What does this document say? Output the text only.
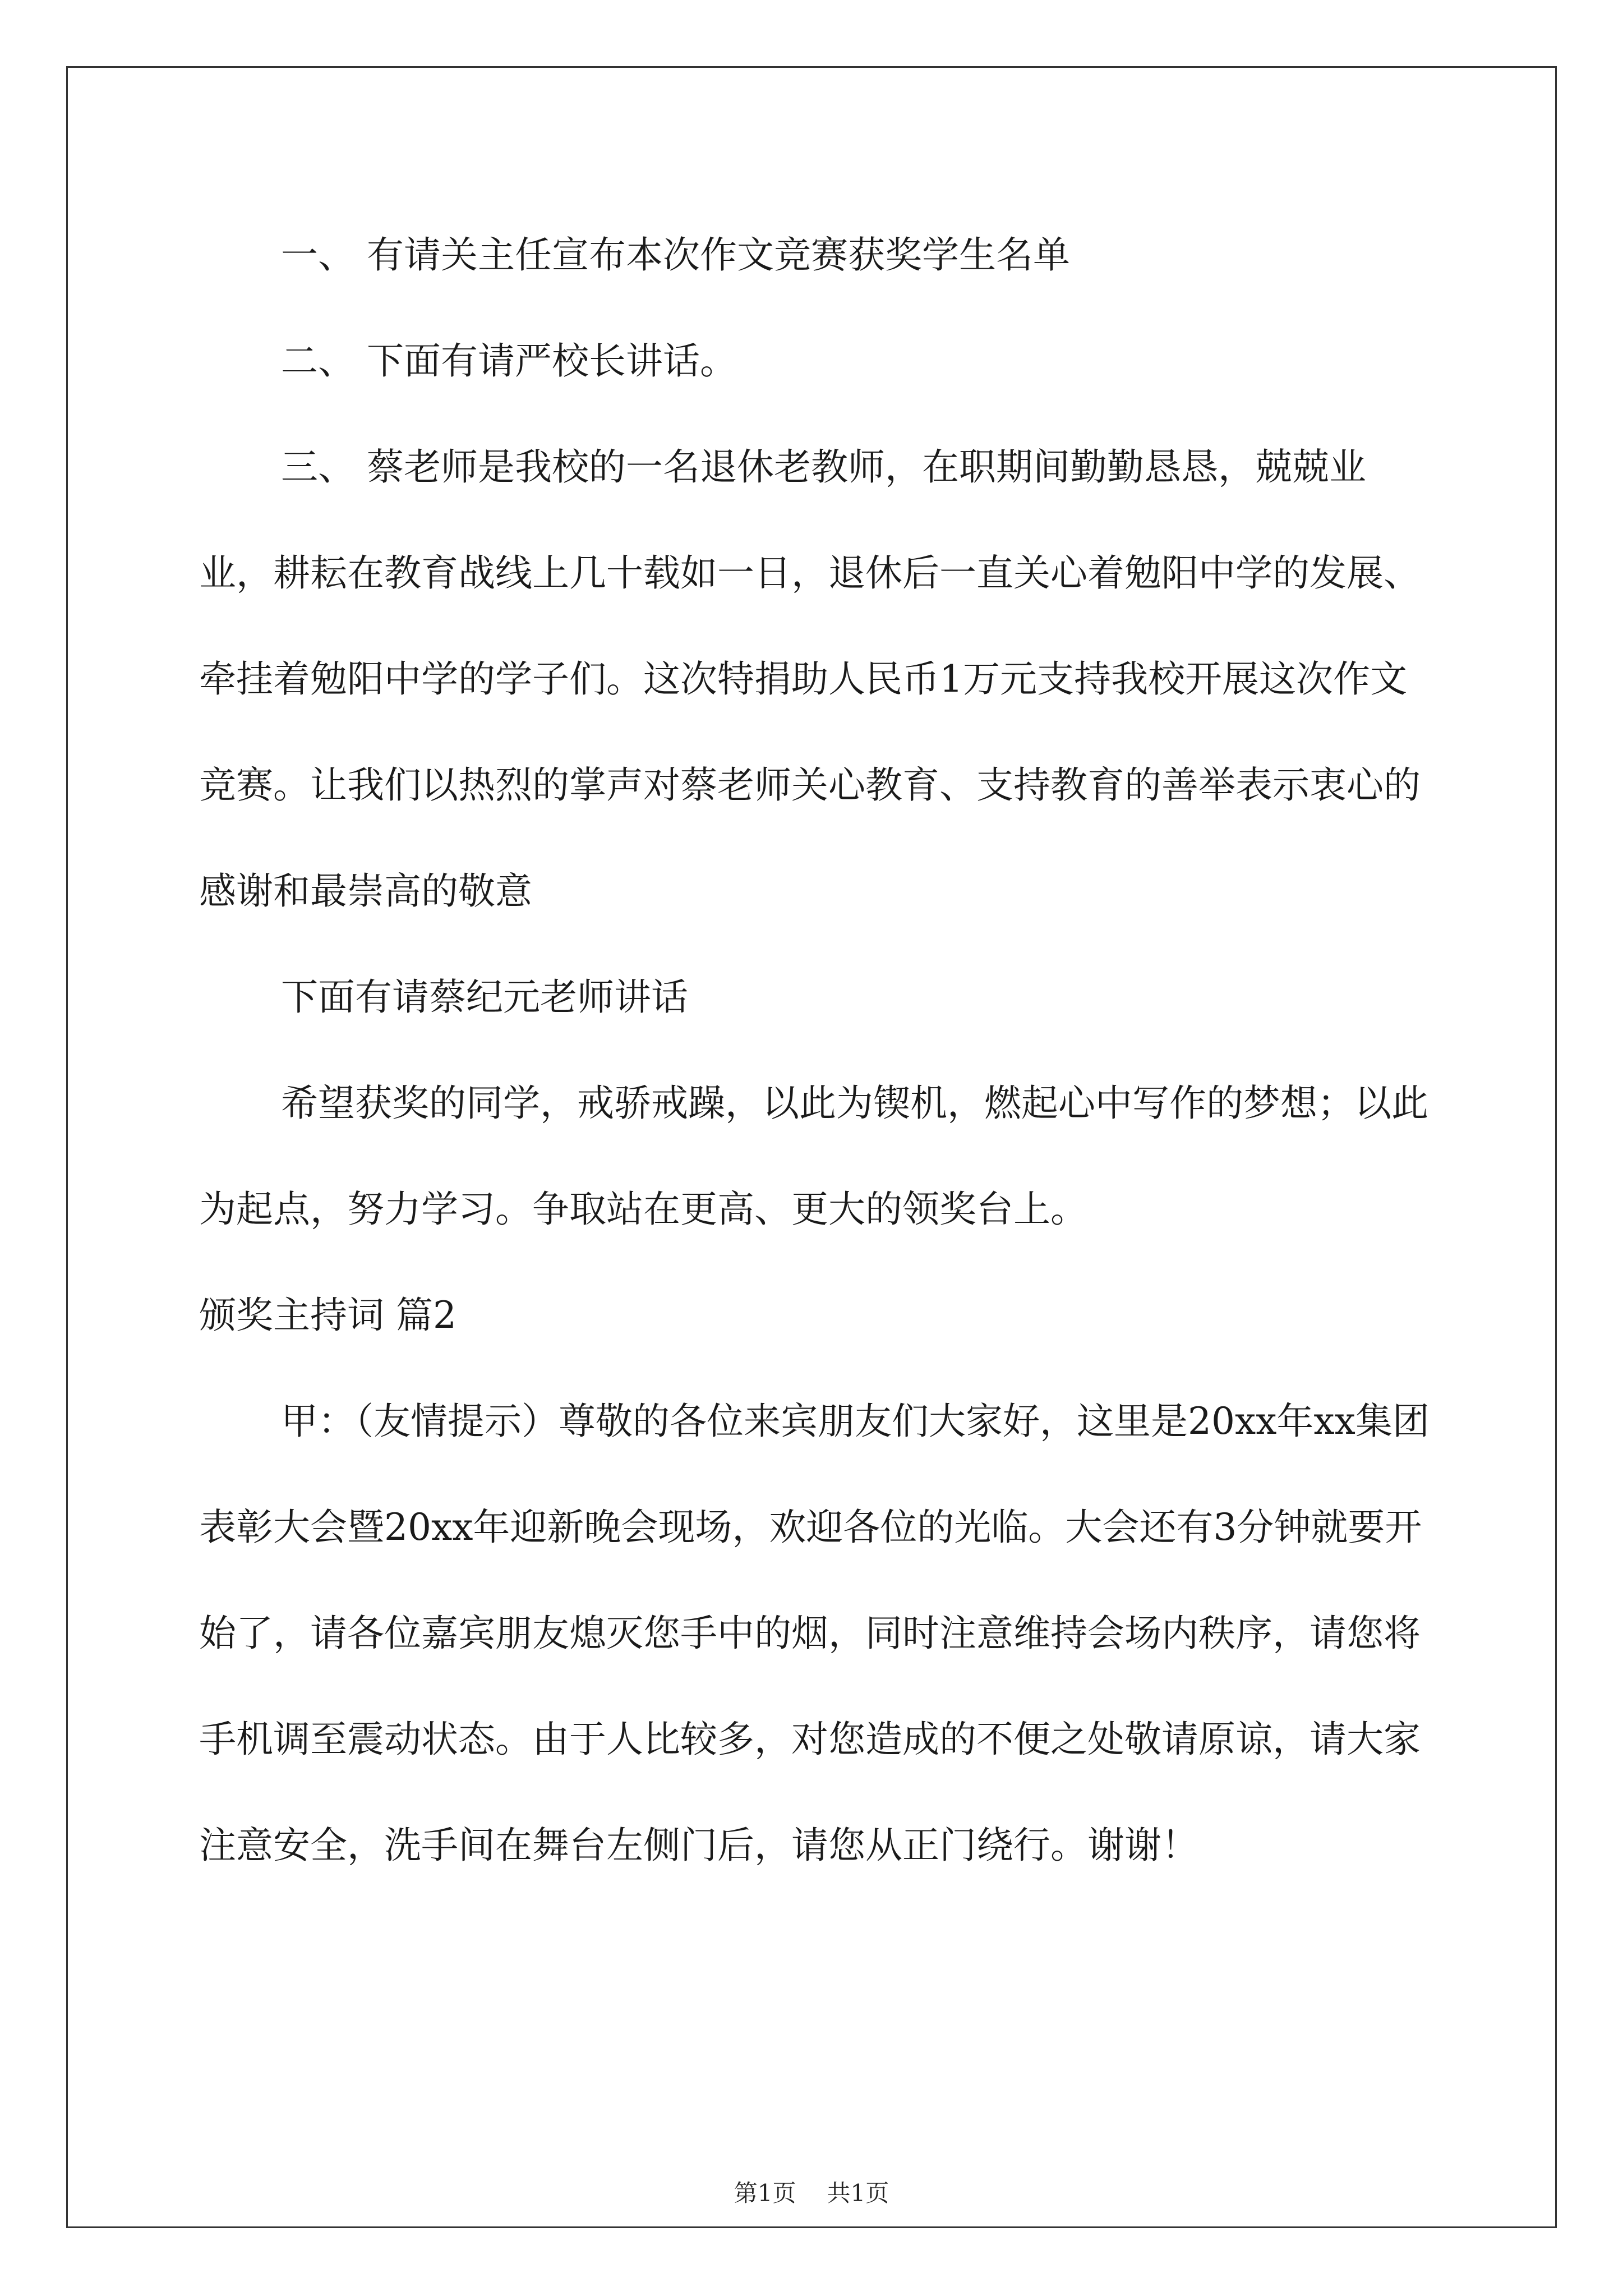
一、 有请关主任宣布本次作文竞赛获奖学生名单

二、 下面有请严校长讲话。

三、 蔡老师是我校的一名退休老教师，在职期间勤勤恳恳，兢兢业业，耕耘在教育战线上几十载如一日，退休后一直关心着勉阳中学的发展、牵挂着勉阳中学的学子们。这次特捐助人民币1万元支持我校开展这次作文竞赛。让我们以热烈的掌声对蔡老师关心教育、支持教育的善举表示衷心的感谢和最崇高的敬意

下面有请蔡纪元老师讲话

希望获奖的同学，戒骄戒躁，以此为锲机，燃起心中写作的梦想；以此为起点，努力学习。争取站在更高、更大的领奖台上。

颁奖主持词 篇2

甲：（友情提示）尊敬的各位来宾朋友们大家好，这里是20xx年xx集团表彰大会暨20xx年迎新晚会现场，欢迎各位的光临。大会还有3分钟就要开始了，请各位嘉宾朋友熄灭您手中的烟，同时注意维持会场内秩序，请您将手机调至震动状态。由于人比较多，对您造成的不便之处敬请原谅，请大家注意安全，洗手间在舞台左侧门后，请您从正门绕行。谢谢！

第1页 共1页
